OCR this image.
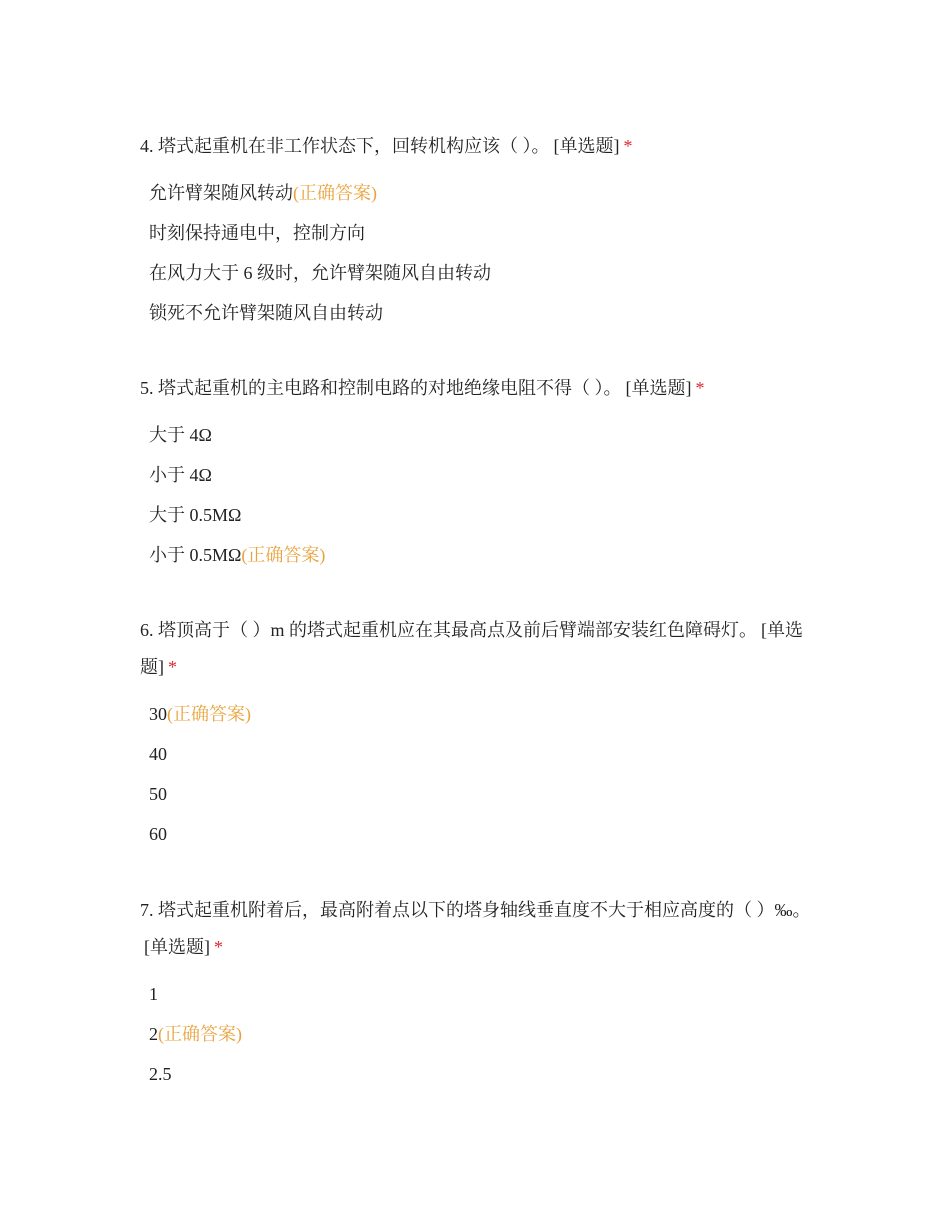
4. 塔式起重机在非工作状态下，回转机构应该（ ）。 [单选题] *

允许臂架随风转动(正确答案)
时刻保持通电中，控制方向
在风力大于 6 级时，允许臂架随风自由转动
锁死不允许臂架随风自由转动

5. 塔式起重机的主电路和控制电路的对地绝缘电阻不得（ ）。 [单选题] *

大于 4Ω
小于 4Ω
大于 0.5MΩ
小于 0.5MΩ(正确答案)

6. 塔顶高于（ ）m 的塔式起重机应在其最高点及前后臂端部安装红色障碍灯。 [单选题] *

30(正确答案)
40
50
60

7. 塔式起重机附着后，最高附着点以下的塔身轴线垂直度不大于相应高度的（ ）‰。[单选题] *

1
2(正确答案)
2.5
